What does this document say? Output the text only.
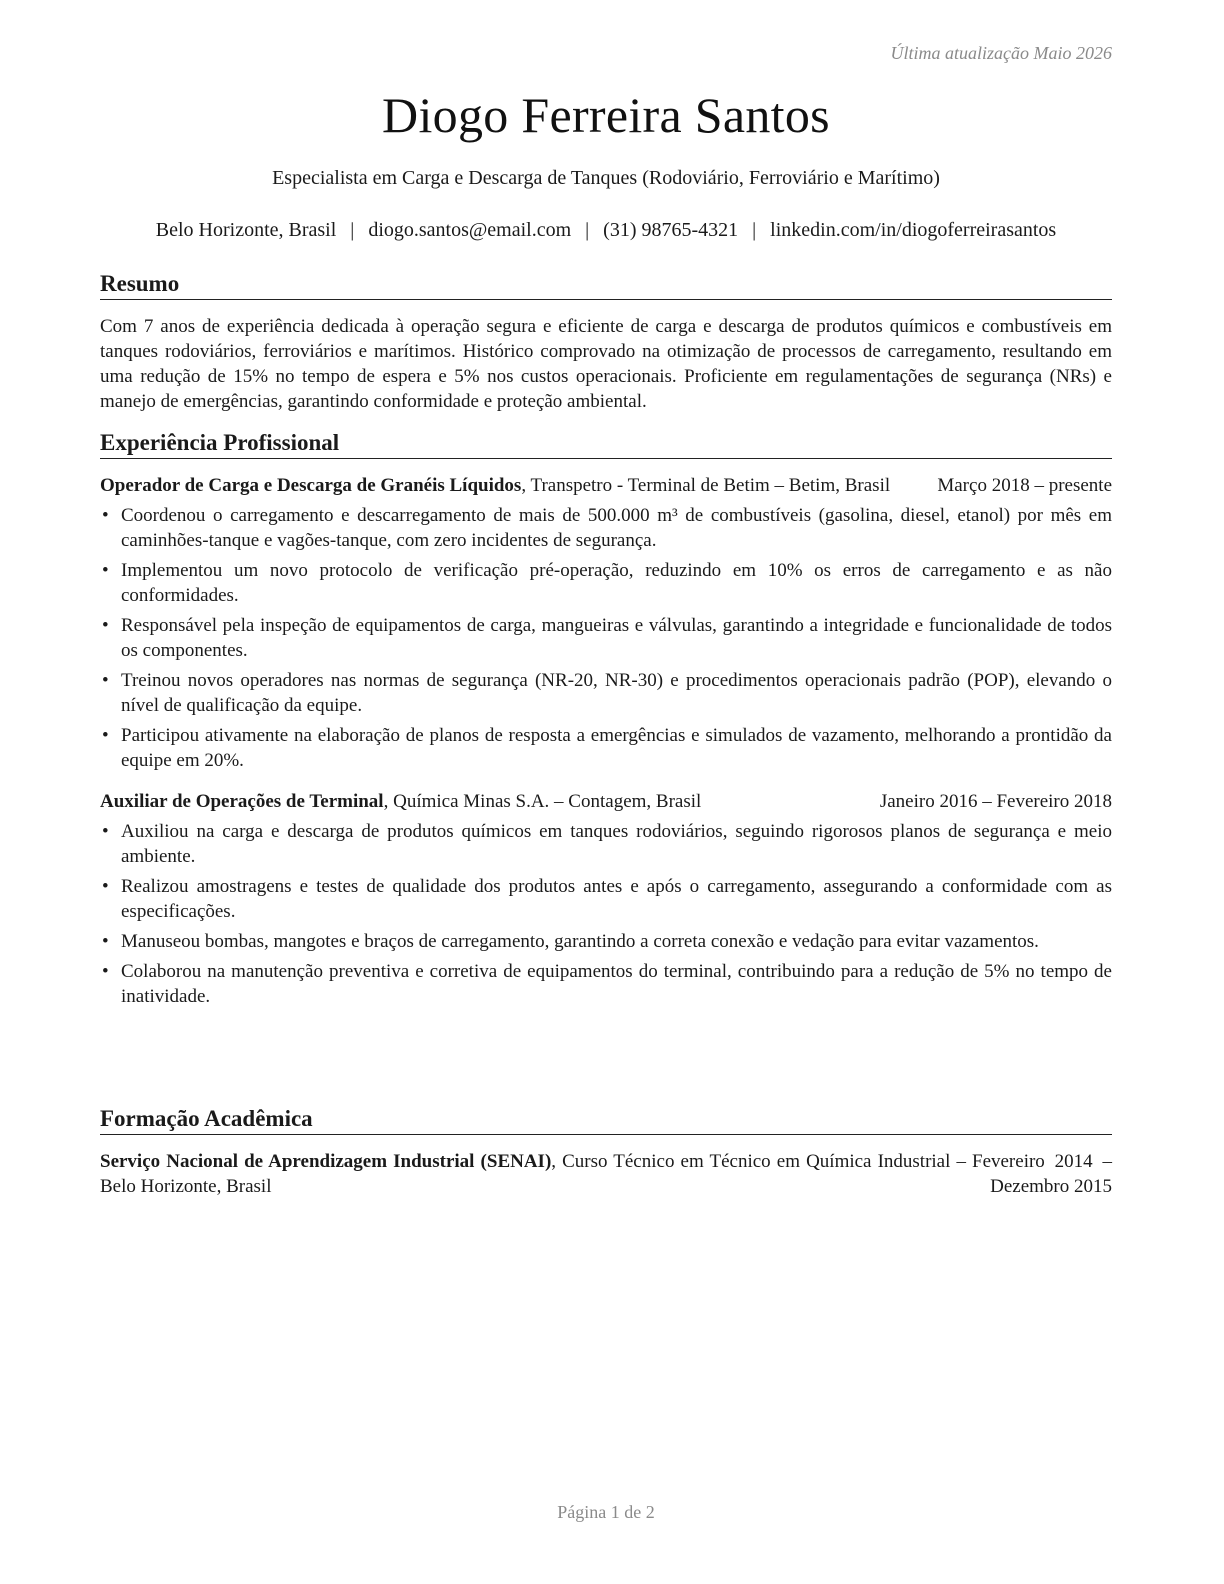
Última atualização Maio 2026
Diogo Ferreira Santos
Especialista em Carga e Descarga de Tanques (Rodoviário, Ferroviário e Marítimo)
Belo Horizonte, Brasil | diogo.santos@email.com | (31) 98765-4321 | linkedin.com/in/diogoferreirasantos
Resumo
Com 7 anos de experiência dedicada à operação segura e eficiente de carga e descarga de produtos químicos e combustíveis em tanques rodoviários, ferroviários e marítimos. Histórico comprovado na otimização de processos de carregamento, resultando em uma redução de 15% no tempo de espera e 5% nos custos operacionais. Proficiente em regulamentações de segurança (NRs) e manejo de emergências, garantindo conformidade e proteção ambiental.
Experiência Profissional
Operador de Carga e Descarga de Granéis Líquidos, Transpetro - Terminal de Betim – Betim, Brasil	Março 2018 – presente
• Coordenou o carregamento e descarregamento de mais de 500.000 m³ de combustíveis (gasolina, diesel, etanol) por mês em caminhões-tanque e vagões-tanque, com zero incidentes de segurança.
• Implementou um novo protocolo de verificação pré-operação, reduzindo em 10% os erros de carregamento e as não conformidades.
• Responsável pela inspeção de equipamentos de carga, mangueiras e válvulas, garantindo a integridade e funcionalidade de todos os componentes.
• Treinou novos operadores nas normas de segurança (NR-20, NR-30) e procedimentos operacionais padrão (POP), elevando o nível de qualificação da equipe.
• Participou ativamente na elaboração de planos de resposta a emergências e simulados de vazamento, melhorando a prontidão da equipe em 20%.
Auxiliar de Operações de Terminal, Química Minas S.A. – Contagem, Brasil	Janeiro 2016 – Fevereiro 2018
• Auxiliou na carga e descarga de produtos químicos em tanques rodoviários, seguindo rigorosos planos de segurança e meio ambiente.
• Realizou amostragens e testes de qualidade dos produtos antes e após o carregamento, assegurando a conformidade com as especificações.
• Manuseou bombas, mangotes e braços de carregamento, garantindo a correta conexão e vedação para evitar vazamentos.
• Colaborou na manutenção preventiva e corretiva de equipamentos do terminal, contribuindo para a redução de 5% no tempo de inatividade.
Formação Acadêmica
Serviço Nacional de Aprendizagem Industrial (SENAI), Curso Técnico em Técnico em Química Industrial – Belo Horizonte, Brasil
Fevereiro 2014 – Dezembro 2015
Página 1 de 2
